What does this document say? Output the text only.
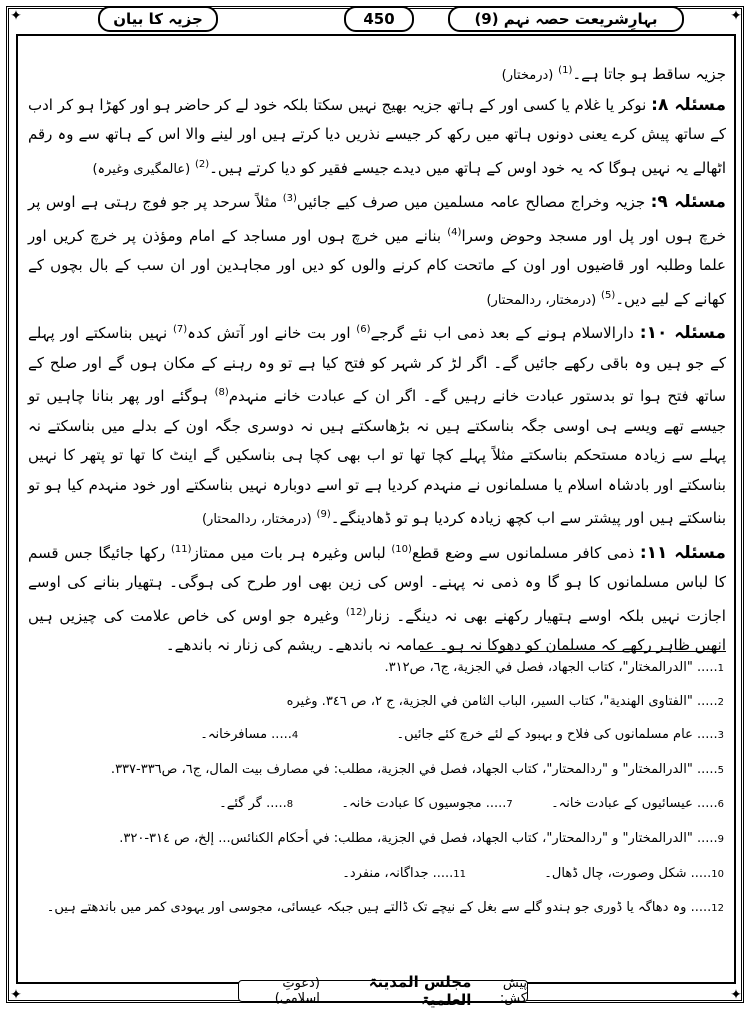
✦	✦
✦	✦
بہارِشریعت حصہ نہم (9)
450
جزیہ کا بیان

جزیہ ساقط ہو جاتا ہے۔$^{(1)}$ (درمختار)

مسئلہ ۸: نوکر یا غلام یا کسی اور کے ہاتھ جزیہ بھیج نہیں سکتا بلکہ خود لے کر حاضر ہو اور کھڑا ہو کر ادب کے ساتھ پیش کرے یعنی دونوں ہاتھ میں رکھ کر جیسے نذریں دیا کرتے ہیں اور لینے والا اس کے ہاتھ سے وہ رقم اٹھالے یہ نہیں ہوگا کہ یہ خود اوس کے ہاتھ میں دیدے جیسے فقیر کو دیا کرتے ہیں۔$^{(2)}$ (عالمگیری وغیرہ)

مسئلہ ۹: جزیہ وخراج مصالح عامہ مسلمین میں صرف کیے جائیں$^{(3)}$ مثلاً سرحد پر جو فوج رہتی ہے اوس پر خرچ ہوں اور پل اور مسجد وحوض وسرا$^{(4)}$ بنانے میں خرچ ہوں اور مساجد کے امام ومؤذن پر خرچ کریں اور علما وطلبہ اور قاضیوں اور اون کے ماتحت کام کرنے والوں کو دیں اور مجاہدین اور ان سب کے بال بچوں کے کھانے کے لیے دیں۔$^{(5)}$ (درمختار، ردالمحتار)

مسئلہ ۱۰: دارالاسلام ہونے کے بعد ذمی اب نئے گرجے$^{(6)}$ اور بت خانے اور آتش کدہ$^{(7)}$ نہیں بناسکتے اور پہلے کے جو ہیں وہ باقی رکھے جائیں گے۔ اگر لڑ کر شہر کو فتح کیا ہے تو وہ رہنے کے مکان ہوں گے اور صلح کے ساتھ فتح ہوا تو بدستور عبادت خانے رہیں گے۔ اگر ان کے عبادت خانے منہدم$^{(8)}$ ہوگئے اور پھر بنانا چاہیں تو جیسے تھے ویسے ہی اوسی جگہ بناسکتے ہیں نہ بڑھاسکتے ہیں نہ دوسری جگہ اون کے بدلے میں بناسکتے نہ پہلے سے زیادہ مستحکم بناسکتے مثلاً پہلے کچا تھا تو اب بھی کچا ہی بناسکیں گے اینٹ کا تھا تو پتھر کا نہیں بناسکتے اور بادشاہ اسلام یا مسلمانوں نے منہدم کردیا ہے تو اسے دوبارہ نہیں بناسکتے اور خود منہدم کیا ہو تو بناسکتے ہیں اور پیشتر سے اب کچھ زیادہ کردیا ہو تو ڈھادینگے۔$^{(9)}$ (درمختار، ردالمحتار)

مسئلہ ۱۱: ذمی کافر مسلمانوں سے وضع قطع$^{(10)}$ لباس وغیرہ ہر بات میں ممتاز$^{(11)}$ رکھا جائیگا جس قسم کا لباس مسلمانوں کا ہو گا وہ ذمی نہ پہنے۔ اوس کی زین بھی اور طرح کی ہوگی۔ ہتھیار بنانے کی اوسے اجازت نہیں بلکہ اوسے ہتھیار رکھنے بھی نہ دینگے۔ زنار$^{(12)}$ وغیرہ جو اوس کی خاص علامت کی چیزیں ہیں انھیں ظاہر رکھے کہ مسلمان کو دھوکا نہ ہو۔ عمامہ نہ باندھے۔ ریشم کی زنار نہ باندھے۔

1..... "الدرالمختار"، كتاب الجهاد، فصل في الجزية، ج٦، ص٣١٢.
2..... "الفتاوى الهندية"، كتاب السير، الباب الثامن في الجزية، ج ٢، ص ٣٤٦. وغيره
3..... عام مسلمانوں کی فلاح و بہبود کے لئے خرچ کئے جائیں۔  4..... مسافرخانہ۔
5..... "الدرالمختار" و "ردالمحتار"، كتاب الجهاد، فصل في الجزية، مطلب: في مصارف بيت المال، ج٦، ص٣٣٦-٣٣٧.
6..... عیسائیوں کے عبادت خانہ۔  7..... مجوسیوں کا عبادت خانہ۔  8..... گر گئے۔
9..... "الدرالمختار" و "ردالمحتار"، كتاب الجهاد، فصل في الجزية، مطلب: في أحكام الكنائس... إلخ، ص ٣١٤-٣٢٠.
10..... شکل وصورت، چال ڈھال۔  11..... جداگانہ، منفرد۔
12..... وہ دھاگہ یا ڈوری جو ہندو گلے سے بغل کے نیچے تک ڈالتے ہیں جبکہ عیسائی، مجوسی اور یہودی کمر میں باندھتے ہیں۔
پیش کش:
مجلس المدینۃ العلمیۃ
(دعوتِ اسلامی)
